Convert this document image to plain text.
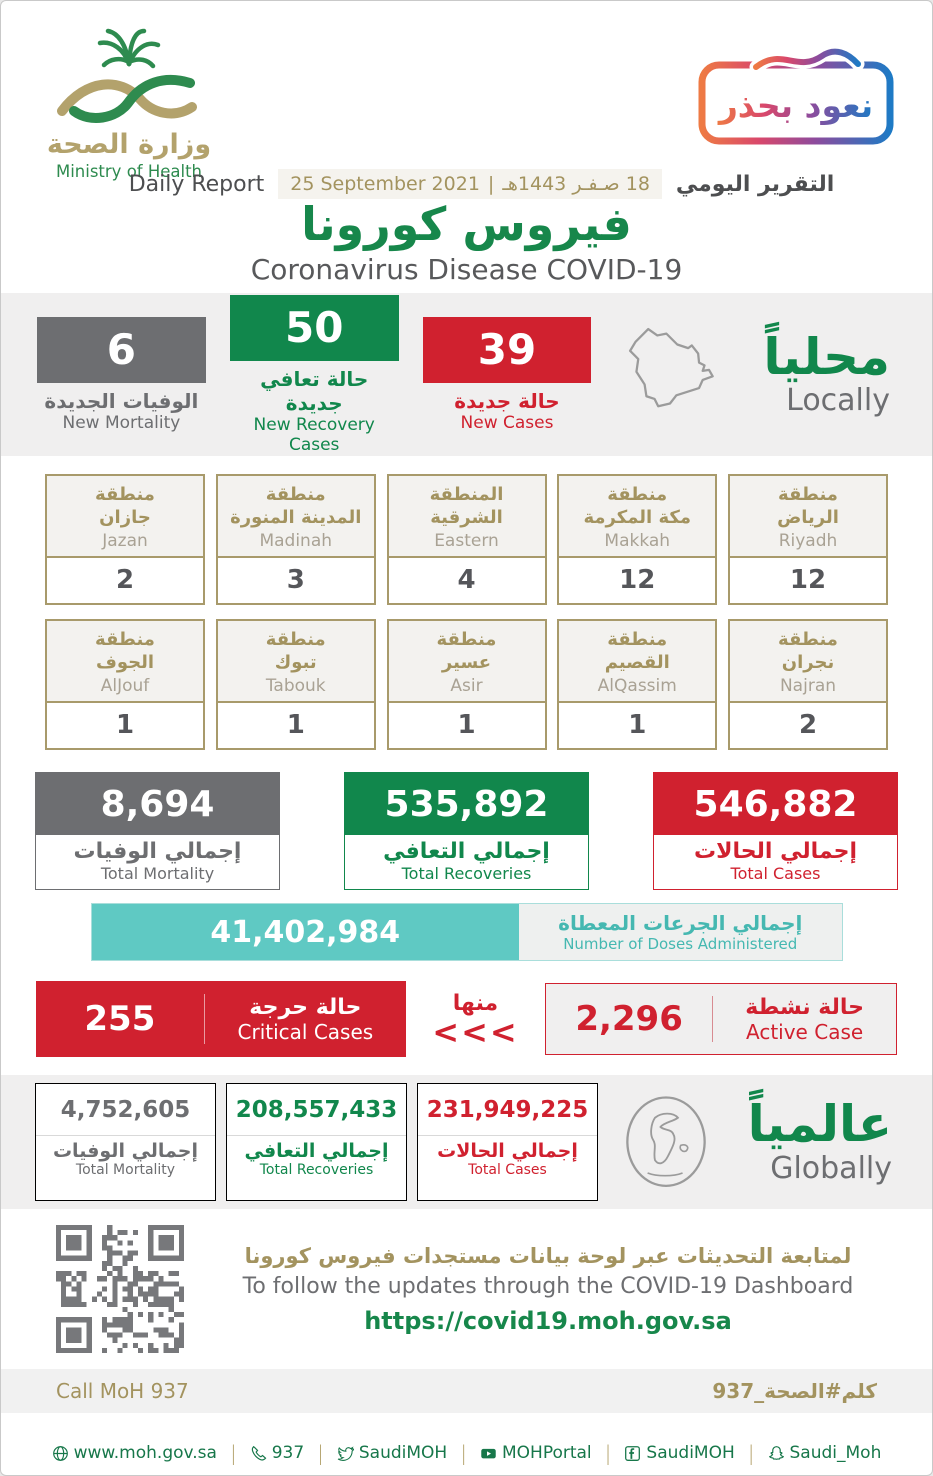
وزارة الصحة
Ministry of Health
نعود بحذر
Daily Report 25 September 2021 | 18 صـفـر 1443هـ التقرير اليومي
فيروس كورونا
Coronavirus Disease COVID-19
6
الوفيات الجديدة
New Mortality
50
حالة تعافي جديدة
New Recovery Cases
39
حالة جديدة
New Cases
محلياً
Locally
منطقة
جازان
Jazan
2
منطقة
المدينة المنورة
Madinah
3
المنطقة
الشرقية
Eastern
4
منطقة
مكة المكرمة
Makkah
12
منطقة
الرياض
Riyadh
12
منطقة
الجوف
AlJouf
1
منطقة
تبوك
Tabouk
1
منطقة
عسير
Asir
1
منطقة
القصيم
AlQassim
1
منطقة
نجران
Najran
2
8,694
إجمالي الوفيات
Total Mortality
535,892
إجمالي التعافي
Total Recoveries
546,882
إجمالي الحالات
Total Cases
41,402,984	إجمالي الجرعات المعطاة
Number of Doses Administered
255	حالة حرجة
Critical Cases
منها
<<<	2,296	حالة نشطة
Active Case
4,752,605
إجمالي الوفيات
Total Mortality
208,557,433
إجمالي التعافي
Total Recoveries
231,949,225
إجمالي الحالات
Total Cases
عالمياً
Globally
لمتابعة التحديثات عبر لوحة بيانات مستجدات فيروس كورونا
To follow the updates through the COVID-19 Dashboard
https://covid19.moh.gov.sa
Call MoH 937	كلم#الصحة_937
www.moh.gov.sa | 937 | SaudiMOH | MOHPortal | SaudiMOH | Saudi_Moh
